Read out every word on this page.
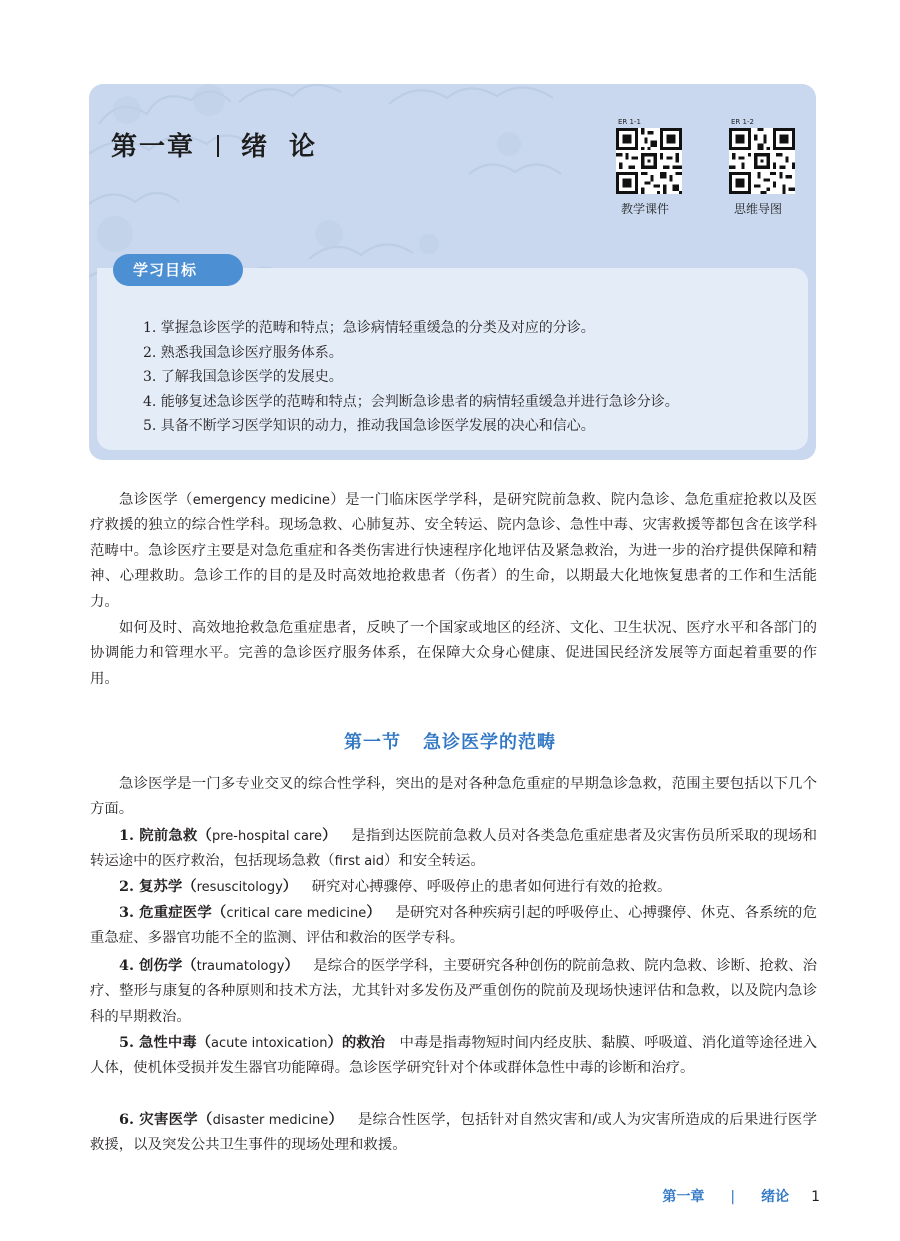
第一章 绪论
ER 1-1
教学课件
ER 1-2
思维导图
学习目标
1. 掌握急诊医学的范畴和特点；急诊病情轻重缓急的分类及对应的分诊。
2. 熟悉我国急诊医疗服务体系。
3. 了解我国急诊医学的发展史。
4. 能够复述急诊医学的范畴和特点；会判断急诊患者的病情轻重缓急并进行急诊分诊。
5. 具备不断学习医学知识的动力，推动我国急诊医学发展的决心和信心。

急诊医学（emergency medicine）是一门临床医学学科，是研究院前急救、院内急诊、急危重症抢救以及医疗救援的独立的综合性学科。现场急救、心肺复苏、安全转运、院内急诊、急性中毒、灾害救援等都包含在该学科范畴中。急诊医疗主要是对急危重症和各类伤害进行快速程序化地评估及紧急救治，为进一步的治疗提供保障和精神、心理救助。急诊工作的目的是及时高效地抢救患者（伤者）的生命，以期最大化地恢复患者的工作和生活能力。

如何及时、高效地抢救急危重症患者，反映了一个国家或地区的经济、文化、卫生状况、医疗水平和各部门的协调能力和管理水平。完善的急诊医疗服务体系，在保障大众身心健康、促进国民经济发展等方面起着重要的作用。

第一节 急诊医学的范畴

急诊医学是一门多专业交叉的综合性学科，突出的是对各种急危重症的早期急诊急救，范围主要包括以下几个方面。

1. 院前急救（pre-hospital care）  是指到达医院前急救人员对各类急危重症患者及灾害伤员所采取的现场和转运途中的医疗救治，包括现场急救（first aid）和安全转运。

2. 复苏学（resuscitology）  研究对心搏骤停、呼吸停止的患者如何进行有效的抢救。

3. 危重症医学（critical care medicine）  是研究对各种疾病引起的呼吸停止、心搏骤停、休克、各系统的危重急症、多器官功能不全的监测、评估和救治的医学专科。

4. 创伤学（traumatology）  是综合的医学学科，主要研究各种创伤的院前急救、院内急救、诊断、抢救、治疗、整形与康复的各种原则和技术方法，尤其针对多发伤及严重创伤的院前及现场快速评估和急救，以及院内急诊科的早期救治。

5. 急性中毒（acute intoxication）的救治  中毒是指毒物短时间内经皮肤、黏膜、呼吸道、消化道等途径进入人体，使机体受损并发生器官功能障碍。急诊医学研究针对个体或群体急性中毒的诊断和治疗。

6. 灾害医学（disaster medicine）  是综合性医学，包括针对自然灾害和/或人为灾害所造成的后果进行医学救援，以及突发公共卫生事件的现场处理和救援。

第一章 | 绪论 1
